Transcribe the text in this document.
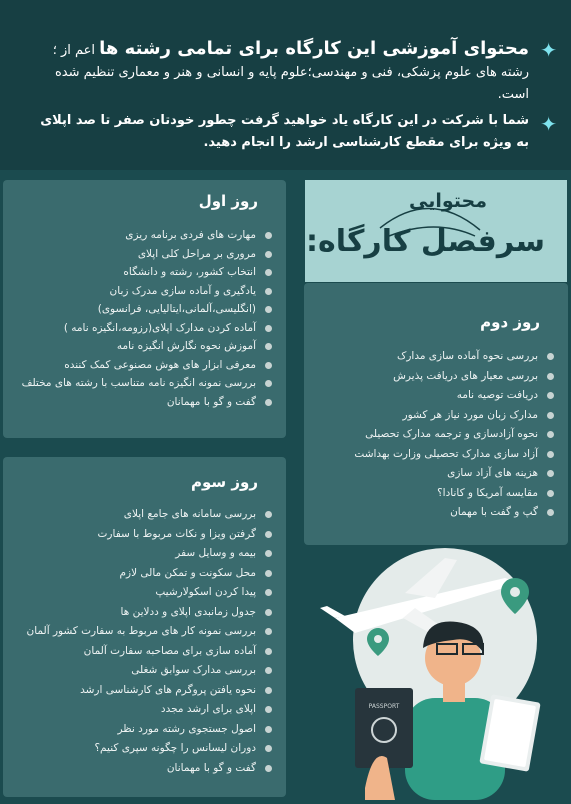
✦

محتوای آموزشی این کارگاه برای تمامی رشته ها اعم از ؛ رشته های علوم پزشکی، فنی و مهندسی؛علوم پایه و انسانی و هنر و معماری تنظیم شده است.

✦

شما با شرکت در این کارگاه یاد خواهید گرفت چطور خودتان صفر تا صد اپلای به ویژه برای مقطع کارشناسی ارشد را انجام دهید.

روز اول
مهارت های فردی برنامه ریزی
مروری بر مراحل کلی اپلای
انتخاب کشور، رشته و دانشگاه
یادگیری و آماده سازی مدرک زبان
(انگلیسی،آلمانی،ایتالیایی، فرانسوی)
آماده کردن مدارک اپلای(رزومه،انگیزه نامه )
آموزش نحوه نگارش انگیزه نامه
معرفی ابزار های هوش مصنوعی کمک کننده
بررسی نمونه انگیزه نامه متناسب با رشته های مختلف
گفت و گو با مهمانان
محتوایی
سرفصل کارگاه:
روز دوم
بررسی نحوه آماده سازی مدارک
بررسی معیار های دریافت پذیرش
دریافت توصیه نامه
مدارک زبان مورد نیاز هر کشور
نحوه آزادسازی و ترجمه مدارک تحصیلی
آزاد سازی مدارک تحصیلی وزارت بهداشت
هزینه های آزاد سازی
مقایسه آمریکا و کانادا؟
گپ و گفت با مهمان
روز سوم
بررسی سامانه های جامع اپلای
گرفتن ویزا و نکات مربوط با سفارت
بیمه و وسایل سفر
محل سکونت و تمکن مالی لازم
پیدا کردن اسکولارشیپ
جدول زمانبدی اپلای و ددلاین ها
بررسی نمونه کار های مربوط به سفارت کشور آلمان
آماده سازی برای مصاحبه سفارت آلمان
بررسی مدارک سوابق شغلی
نحوه یافتن پروگرم های کارشناسی ارشد
اپلای برای ارشد مجدد
اصول جستجوی رشته مورد نظر
دوران لیسانس را چگونه سپری کنیم؟
گفت و گو با مهمانان
PASSPORT
